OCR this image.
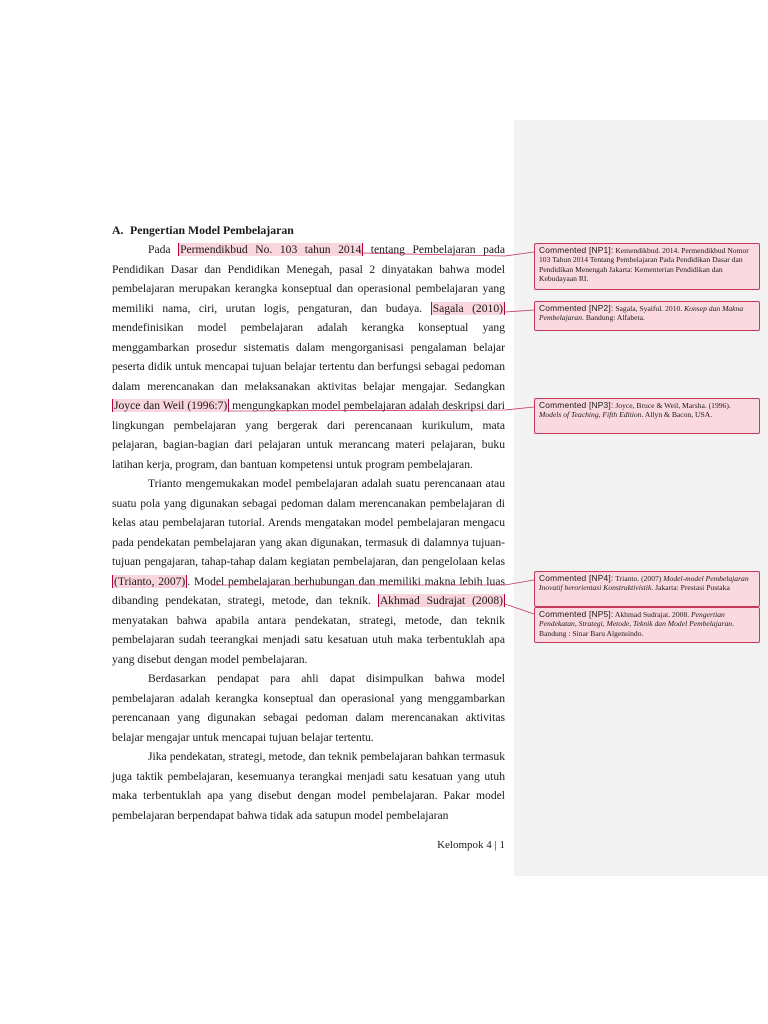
A. Pengertian Model Pembelajaran

Pada Permendikbud No. 103 tahun 2014 tentang Pembelajaran pada Pendidikan Dasar dan Pendidikan Menegah, pasal 2 dinyatakan bahwa model pembelajaran merupakan kerangka konseptual dan operasional pembelajaran yang memiliki nama, ciri, urutan logis, pengaturan, dan budaya. Sagala (2010) mendefinisikan model pembelajaran adalah kerangka konseptual yang menggambarkan prosedur sistematis dalam mengorganisasi pengalaman belajar peserta didik untuk mencapai tujuan belajar tertentu dan berfungsi sebagai pedoman dalam merencanakan dan melaksanakan aktivitas belajar mengajar. Sedangkan Joyce dan Weil (1996:7) mengungkapkan model pembelajaran adalah deskripsi dari lingkungan pembelajaran yang bergerak dari perencanaan kurikulum, mata pelajaran, bagian-bagian dari pelajaran untuk merancang materi pelajaran, buku latihan kerja, program, dan bantuan kompetensi untuk program pembelajaran.

Trianto mengemukakan model pembelajaran adalah suatu perencanaan atau suatu pola yang digunakan sebagai pedoman dalam merencanakan pembelajaran di kelas atau pembelajaran tutorial. Arends mengatakan model pembelajaran mengacu pada pendekatan pembelajaran yang akan digunakan, termasuk di dalamnya tujuan-tujuan pengajaran, tahap-tahap dalam kegiatan pembelajaran, dan pengelolaan kelas (Trianto, 2007) . Model pembelajaran berhubungan dan memiliki makna lebih luas dibanding pendekatan, strategi, metode, dan teknik. Akhmad Sudrajat (2008) menyatakan bahwa apabila antara pendekatan, strategi, metode, dan teknik pembelajaran sudah teerangkai menjadi satu kesatuan utuh maka terbentuklah apa yang disebut dengan model pembelajaran.

Berdasarkan pendapat para ahli dapat disimpulkan bahwa model pembelajaran adalah kerangka konseptual dan operasional yang menggambarkan perencanaan yang digunakan sebagai pedoman dalam merencanakan aktivitas belajar mengajar untuk mencapai tujuan belajar tertentu.

Jika pendekatan, strategi, metode, dan teknik pembelajaran bahkan termasuk juga taktik pembelajaran, kesemuanya terangkai menjadi satu kesatuan yang utuh maka terbentuklah apa yang disebut dengan model pembelajaran. Pakar model pembelajaran berpendapat bahwa tidak ada satupun model pembelajaran

Commented [NP1]: Kemendikbud. 2014. Permendikbud Nomor 103 Tahun 2014 Tentang Pembelajaran Pada Pendidikan Dasar dan Pendidikan Menengah Jakarta: Kementerian Pendidikan dan Kebudayaan RI.
Commented [NP2]: Sagala, Syaiful. 2010. Konsep dan Makna Pembelajaran. Bandung: Alfabeta.
Commented [NP3]: Joyce, Bruce & Weil, Marsha. (1996). Models of Teaching, Fifth Edition. Allyn & Bacon, USA.
Commented [NP4]: Trianto. (2007) Model-model Pembelajaran Inovatif berorientasi Konstruktivistik. Jakarta: Prestasi Pustaka
Commented [NP5]: Akhmad Sudrajat. 2008. Pengertian Pendekatan, Strategi, Metode, Teknik dan Model Pembelajaran. Bandung : Sinar Baru Algensindo.
Kelompok 4 | 1
